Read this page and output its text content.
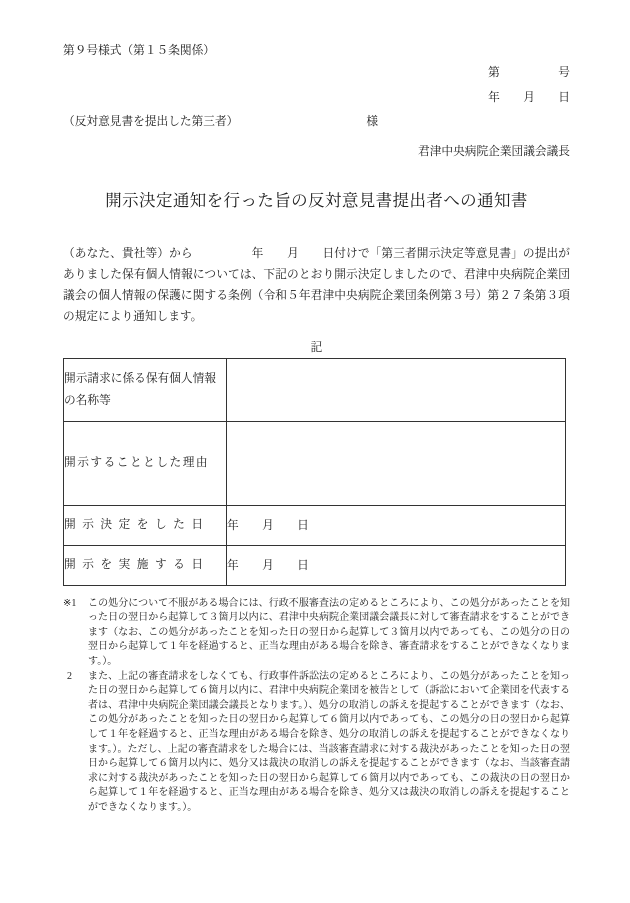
第９号様式（第１５条関係）
第　　　　　号
年　　月　　日
（反対意見書を提出した第三者）	様
君津中央病院企業団議会議長
開示決定通知を行った旨の反対意見書提出者への通知書

（あなた、貴社等）から　　　　　年　　月　　日付けで「第三者開示決定等意見書」の提出がありました保有個人情報については、下記のとおり開示決定しましたので、君津中央病院企業団議会の個人情報の保護に関する条例（令和５年君津中央病院企業団条例第３号）第２７条第３項の規定により通知します。

記
開示請求に係る保有個人情報の名称等	
開示することとした理由	
開示決定をした日	年　　月　　日
開示を実施する日	年　　月　　日
※1 この処分について不服がある場合には、行政不服審査法の定めるところにより、この処分があったことを知った日の翌日から起算して３箇月以内に、君津中央病院企業団議会議長に対して審査請求をすることができます（なお、この処分があったことを知った日の翌日から起算して３箇月以内であっても、この処分の日の翌日から起算して１年を経過すると、正当な理由がある場合を除き、審査請求をすることができなくなります。）。
2 また、上記の審査請求をしなくても、行政事件訴訟法の定めるところにより、この処分があったことを知った日の翌日から起算して６箇月以内に、君津中央病院企業団を被告として（訴訟において企業団を代表する者は、君津中央病院企業団議会議長となります。）、処分の取消しの訴えを提起することができます（なお、この処分があったことを知った日の翌日から起算して６箇月以内であっても、この処分の日の翌日から起算して１年を経過すると、正当な理由がある場合を除き、処分の取消しの訴えを提起することができなくなります。）。ただし、上記の審査請求をした場合には、当該審査請求に対する裁決があったことを知った日の翌日から起算して６箇月以内に、処分又は裁決の取消しの訴えを提起することができます（なお、当該審査請求に対する裁決があったことを知った日の翌日から起算して６箇月以内であっても、この裁決の日の翌日から起算して１年を経過すると、正当な理由がある場合を除き、処分又は裁決の取消しの訴えを提起することができなくなります。）。
